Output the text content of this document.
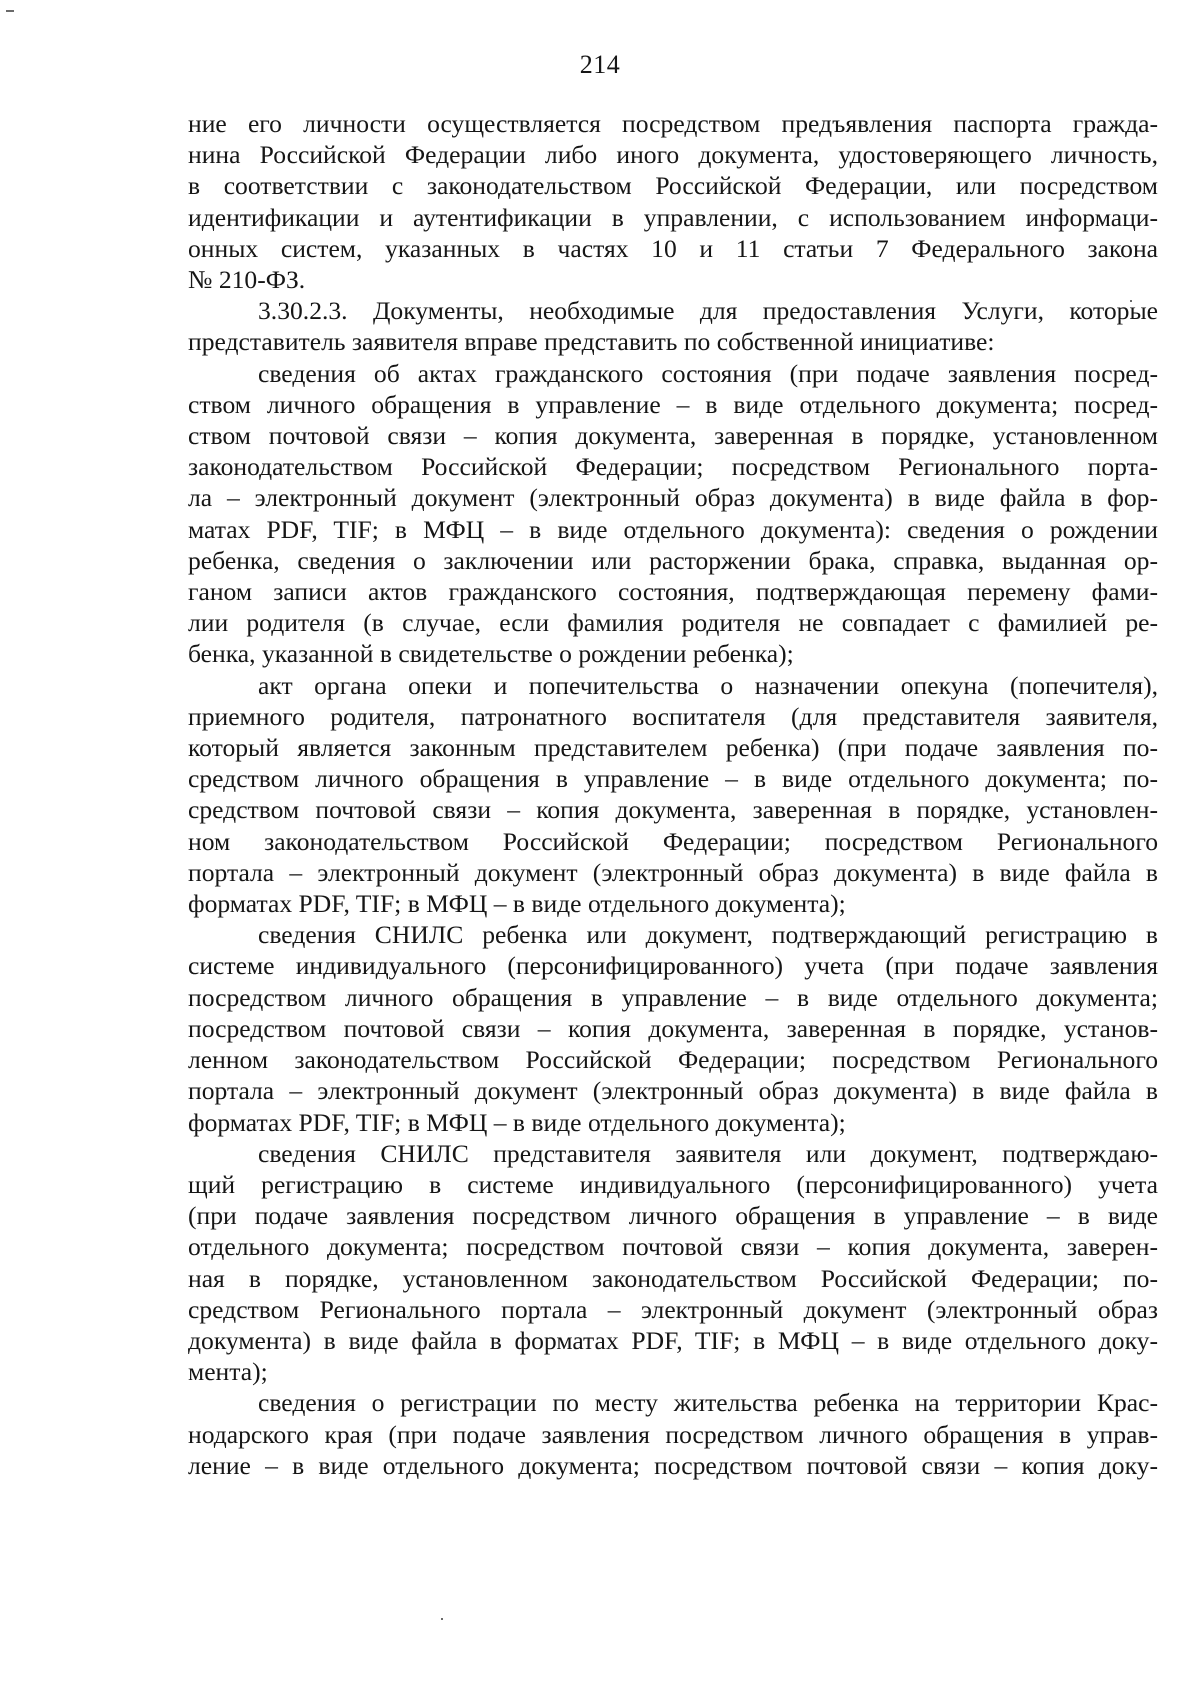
214

ние его личности осуществляется посредством предъявления паспорта гражда-
нина Российской Федерации либо иного документа, удостоверяющего личность,
в соответствии с законодательством Российской Федерации, или посредством
идентификации и аутентификации в управлении, с использованием информаци-
онных систем, указанных в частях 10 и 11 статьи 7 Федерального закона
№ 210-ФЗ.

3.30.2.3. Документы, необходимые для предоставления Услуги, которые
представитель заявителя вправе представить по собственной инициативе:

сведения об актах гражданского состояния (при подаче заявления посред-
ством личного обращения в управление – в виде отдельного документа; посред-
ством почтовой связи – копия документа, заверенная в порядке, установленном
законодательством Российской Федерации; посредством Регионального порта-
ла – электронный документ (электронный образ документа) в виде файла в фор-
матах PDF, TIF; в МФЦ – в виде отдельного документа): сведения о рождении
ребенка, сведения о заключении или расторжении брака, справка, выданная ор-
ганом записи актов гражданского состояния, подтверждающая перемену фами-
лии родителя (в случае, если фамилия родителя не совпадает с фамилией ре-
бенка, указанной в свидетельстве о рождении ребенка);

акт органа опеки и попечительства о назначении опекуна (попечителя),
приемного родителя, патронатного воспитателя (для представителя заявителя,
который является законным представителем ребенка) (при подаче заявления по-
средством личного обращения в управление – в виде отдельного документа; по-
средством почтовой связи – копия документа, заверенная в порядке, установлен-
ном законодательством Российской Федерации; посредством Регионального
портала – электронный документ (электронный образ документа) в виде файла в
форматах PDF, TIF; в МФЦ – в виде отдельного документа);

сведения СНИЛС ребенка или документ, подтверждающий регистрацию в
системе индивидуального (персонифицированного) учета (при подаче заявления
посредством личного обращения в управление – в виде отдельного документа;
посредством почтовой связи – копия документа, заверенная в порядке, установ-
ленном законодательством Российской Федерации; посредством Регионального
портала – электронный документ (электронный образ документа) в виде файла в
форматах PDF, TIF; в МФЦ – в виде отдельного документа);

сведения СНИЛС представителя заявителя или документ, подтверждаю-
щий регистрацию в системе индивидуального (персонифицированного) учета
(при подаче заявления посредством личного обращения в управление – в виде
отдельного документа; посредством почтовой связи – копия документа, заверен-
ная в порядке, установленном законодательством Российской Федерации; по-
средством Регионального портала – электронный документ (электронный образ
документа) в виде файла в форматах PDF, TIF; в МФЦ – в виде отдельного доку-
мента);

сведения о регистрации по месту жительства ребенка на территории Крас-
нодарского края (при подаче заявления посредством личного обращения в управ-
ление – в виде отдельного документа; посредством почтовой связи – копия доку-
